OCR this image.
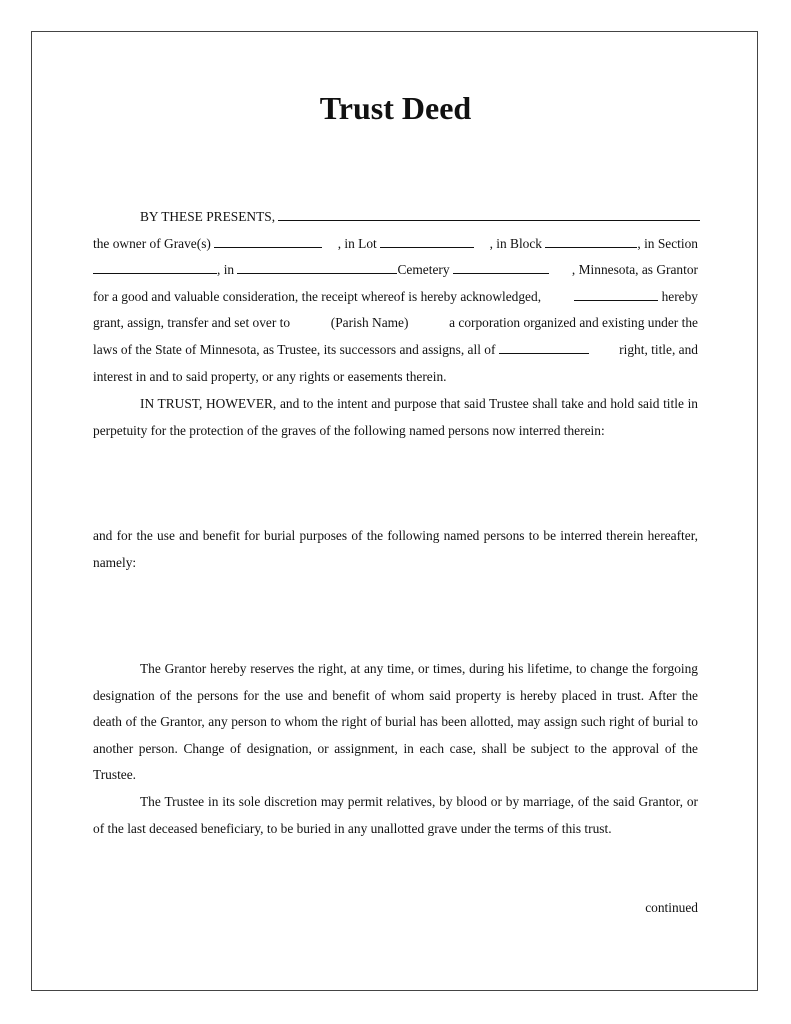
Trust Deed
BY THESE PRESENTS,
the owner of Grave(s)	, in Lot	, in Block	, in Section
, in	Cemetery	, Minnesota, as Grantor
for a good and valuable consideration, the receipt whereof is hereby acknowledged,	hereby
grant, assign, transfer and set over to	(Parish Name)	a corporation organized and existing under the
laws of the State of Minnesota, as Trustee, its successors and assigns, all of	right, title, and
interest in and to said property, or any rights or easements therein.

IN TRUST, HOWEVER, and to the intent and purpose that said Trustee shall take and hold said title in perpetuity for the protection of the graves of the following named persons now interred therein:

and for the use and benefit for burial purposes of the following named persons to be interred therein hereafter, namely:

The Grantor hereby reserves the right, at any time, or times, during his lifetime, to change the forgoing designation of the persons for the use and benefit of whom said property is hereby placed in trust. After the death of the Grantor, any person to whom the right of burial has been allotted, may assign such right of burial to another person. Change of designation, or assignment, in each case, shall be subject to the approval of the Trustee.

The Trustee in its sole discretion may permit relatives, by blood or by marriage, of the said Grantor, or of the last deceased beneficiary, to be buried in any unallotted grave under the terms of this trust.

continued
